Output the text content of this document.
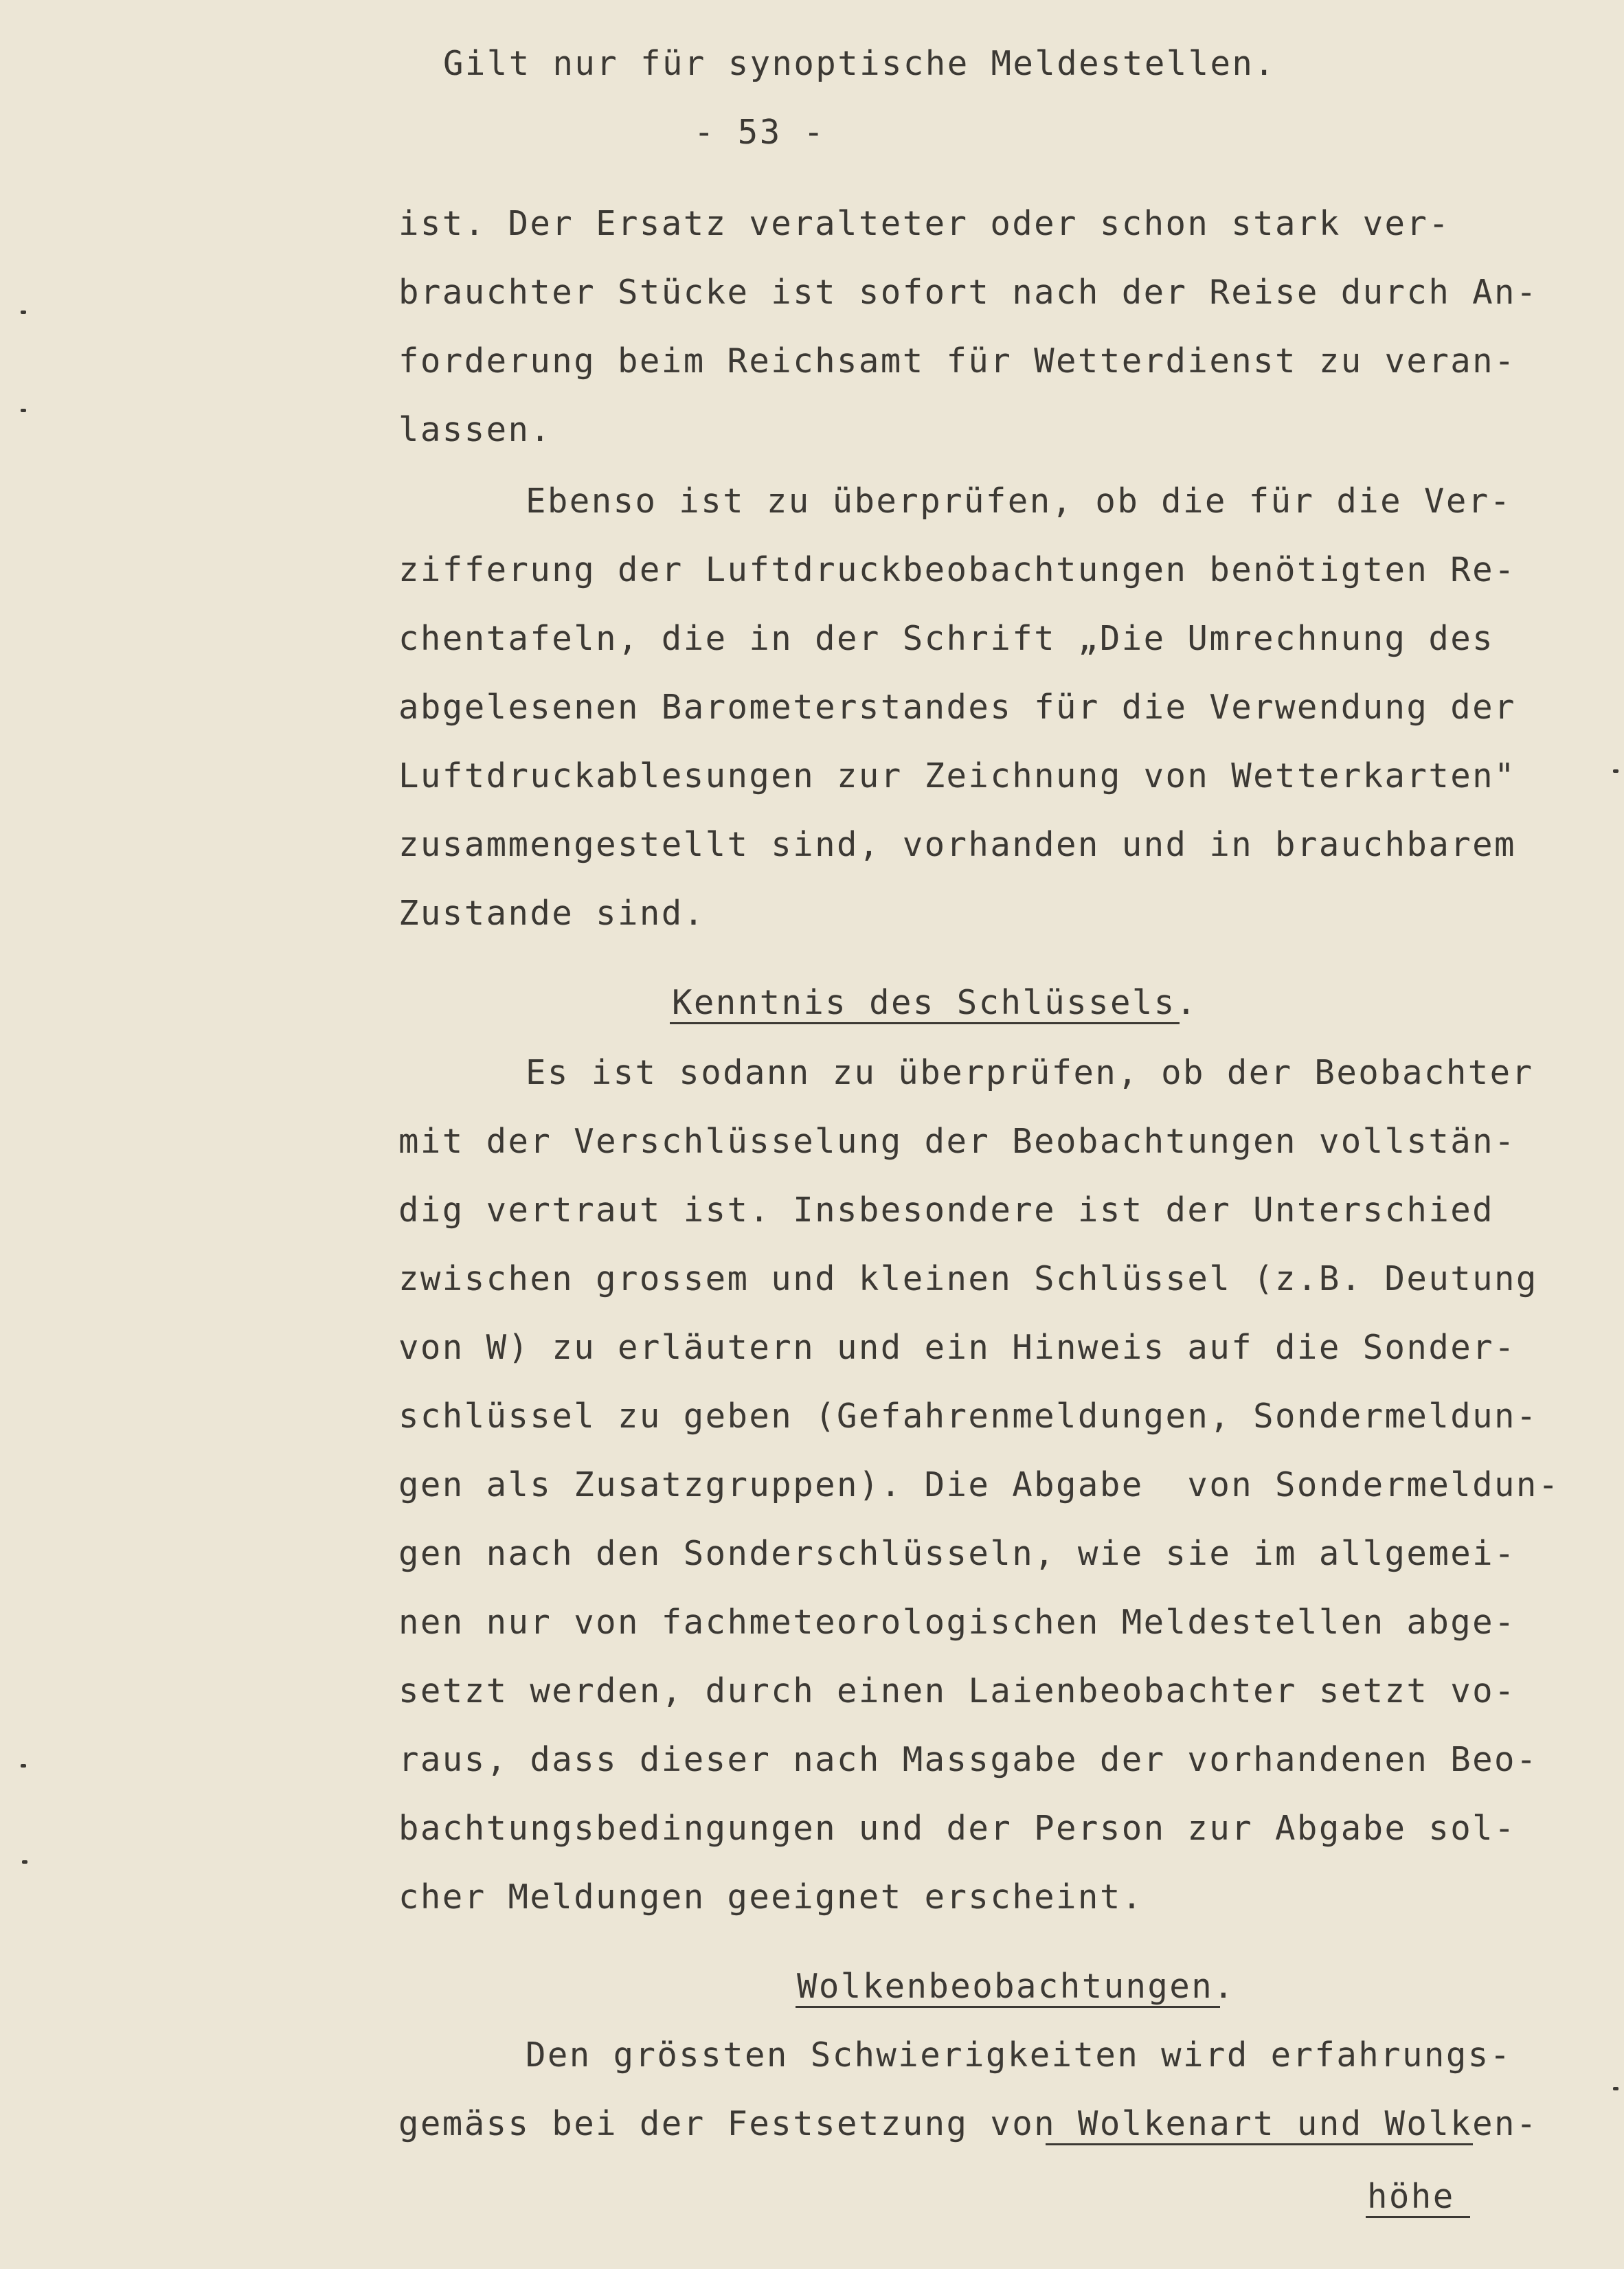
Gilt nur für synoptische Meldestellen.
- 53 -
ist. Der Ersatz veralteter oder schon stark ver-
brauchter Stücke ist sofort nach der Reise durch An-
forderung beim Reichsamt für Wetterdienst zu veran-
lassen.
Ebenso ist zu überprüfen, ob die für die Ver-
zifferung der Luftdruckbeobachtungen benötigten Re-
chentafeln, die in der Schrift „Die Umrechnung des
abgelesenen Barometerstandes für die Verwendung der
Luftdruckablesungen zur Zeichnung von Wetterkarten"
zusammengestellt sind, vorhanden und in brauchbarem
Zustande sind.
Kenntnis des Schlüssels.
Es ist sodann zu überprüfen, ob der Beobachter
mit der Verschlüsselung der Beobachtungen vollstän-
dig vertraut ist. Insbesondere ist der Unterschied
zwischen grossem und kleinen Schlüssel (z.B. Deutung
von W) zu erläutern und ein Hinweis auf die Sonder-
schlüssel zu geben (Gefahrenmeldungen, Sondermeldun-
gen als Zusatzgruppen). Die Abgabe  von Sondermeldun-
gen nach den Sonderschlüsseln, wie sie im allgemei-
nen nur von fachmeteorologischen Meldestellen abge-
setzt werden, durch einen Laienbeobachter setzt vo-
raus, dass dieser nach Massgabe der vorhandenen Beo-
bachtungsbedingungen und der Person zur Abgabe sol-
cher Meldungen geeignet erscheint.
Wolkenbeobachtungen.
Den grössten Schwierigkeiten wird erfahrungs-
gemäss bei der Festsetzung von Wolkenart und Wolken-
höhe
